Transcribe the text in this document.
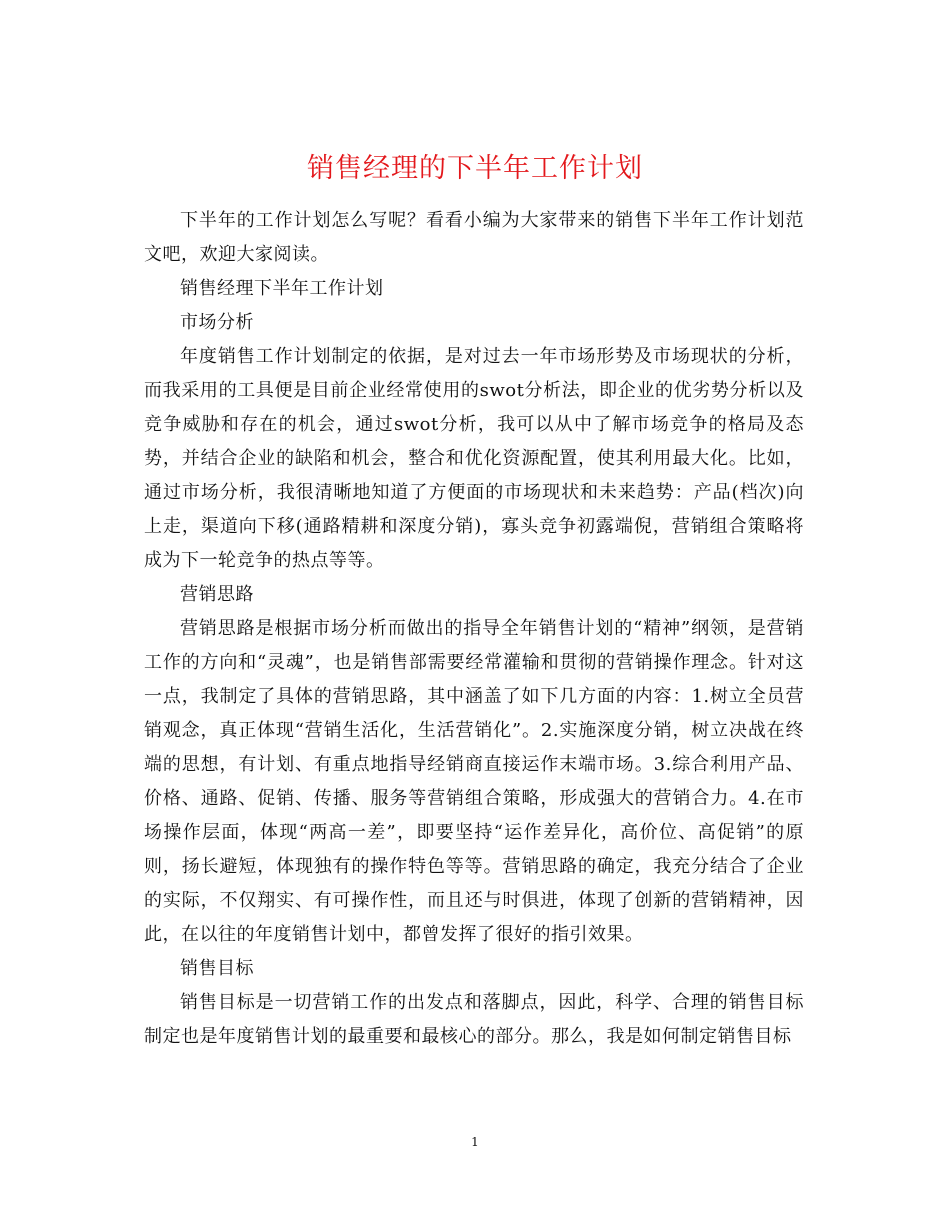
销售经理的下半年工作计划

下半年的工作计划怎么写呢？看看小编为大家带来的销售下半年工作计划范文吧，欢迎大家阅读。

销售经理下半年工作计划

市场分析

年度销售工作计划制定的依据，是对过去一年市场形势及市场现状的分析，而我采用的工具便是目前企业经常使用的swot分析法，即企业的优劣势分析以及竞争威胁和存在的机会，通过swot分析，我可以从中了解市场竞争的格局及态势，并结合企业的缺陷和机会，整合和优化资源配置，使其利用最大化。比如，通过市场分析，我很清晰地知道了方便面的市场现状和未来趋势：产品(档次)向上走，渠道向下移(通路精耕和深度分销)，寡头竞争初露端倪，营销组合策略将成为下一轮竞争的热点等等。

营销思路

营销思路是根据市场分析而做出的指导全年销售计划的“精神”纲领，是营销工作的方向和“灵魂”，也是销售部需要经常灌输和贯彻的营销操作理念。针对这一点，我制定了具体的营销思路，其中涵盖了如下几方面的内容：1.树立全员营销观念，真正体现“营销生活化，生活营销化”。2.实施深度分销，树立决战在终端的思想，有计划、有重点地指导经销商直接运作末端市场。3.综合利用产品、价格、通路、促销、传播、服务等营销组合策略，形成强大的营销合力。4.在市场操作层面，体现“两高一差”，即要坚持“运作差异化，高价位、高促销”的原则，扬长避短，体现独有的操作特色等等。营销思路的确定，我充分结合了企业的实际，不仅翔实、有可操作性，而且还与时俱进，体现了创新的营销精神，因此，在以往的年度销售计划中，都曾发挥了很好的指引效果。

销售目标

销售目标是一切营销工作的出发点和落脚点，因此，科学、合理的销售目标制定也是年度销售计划的最重要和最核心的部分。那么，我是如何制定销售目标

1
